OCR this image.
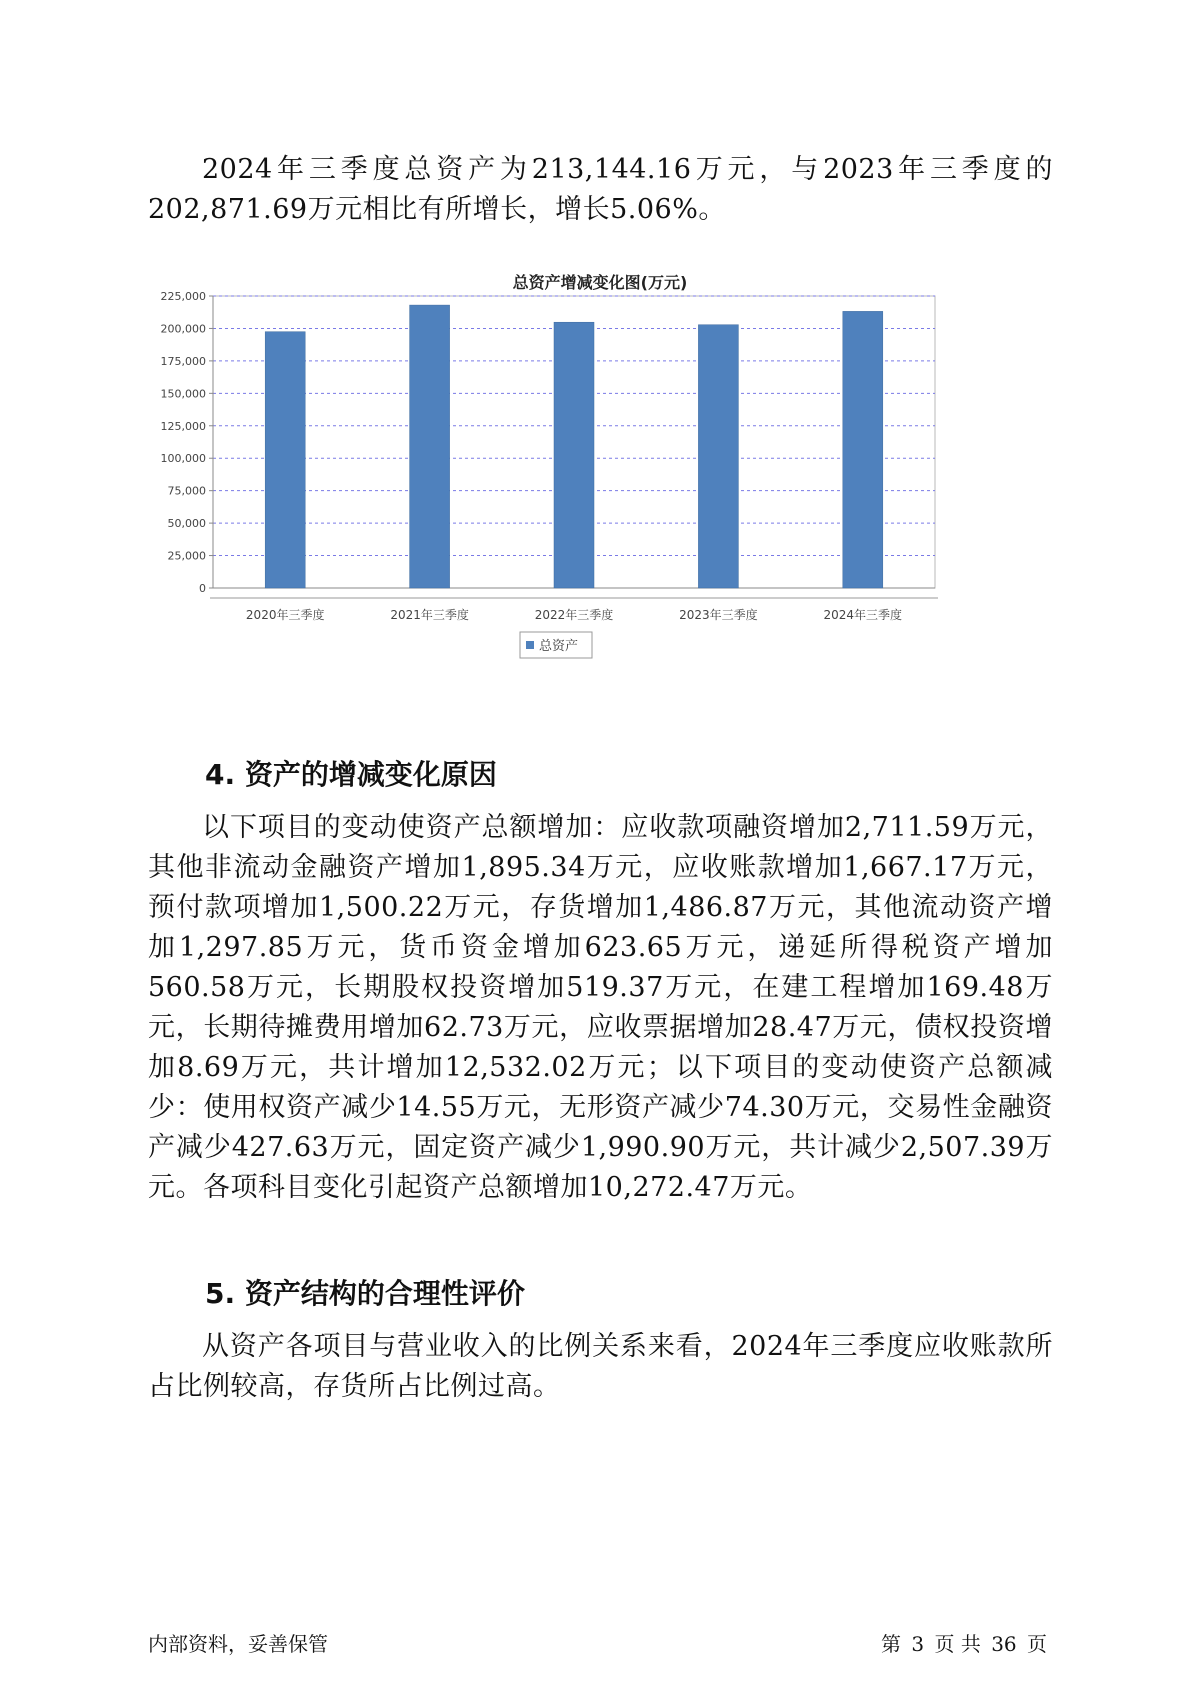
2024年三季度总资产为213,144.16万元，与2023年三季度的202,871.69万元相比有所增长，增长5.06%。

总资产增减变化图(万元)
0
25,000
50,000
75,000
100,000
125,000
150,000
175,000
200,000
225,000
2020年三季度	2021年三季度	2022年三季度	2023年三季度	2024年三季度
总资产
4. 资产的增减变化原因

以下项目的变动使资产总额增加：应收款项融资增加2,711.59万元，其他非流动金融资产增加1,895.34万元，应收账款增加1,667.17万元，预付款项增加1,500.22万元，存货增加1,486.87万元，其他流动资产增加1,297.85万元，货币资金增加623.65万元，递延所得税资产增加560.58万元，长期股权投资增加519.37万元，在建工程增加169.48万元，长期待摊费用增加62.73万元，应收票据增加28.47万元，债权投资增加8.69万元，共计增加12,532.02万元；以下项目的变动使资产总额减少：使用权资产减少14.55万元，无形资产减少74.30万元，交易性金融资产减少427.63万元，固定资产减少1,990.90万元，共计减少2,507.39万元。各项科目变化引起资产总额增加10,272.47万元。

5. 资产结构的合理性评价

从资产各项目与营业收入的比例关系来看，2024年三季度应收账款所占比例较高，存货所占比例过高。

内部资料，妥善保管	第 3 页 共 36 页
